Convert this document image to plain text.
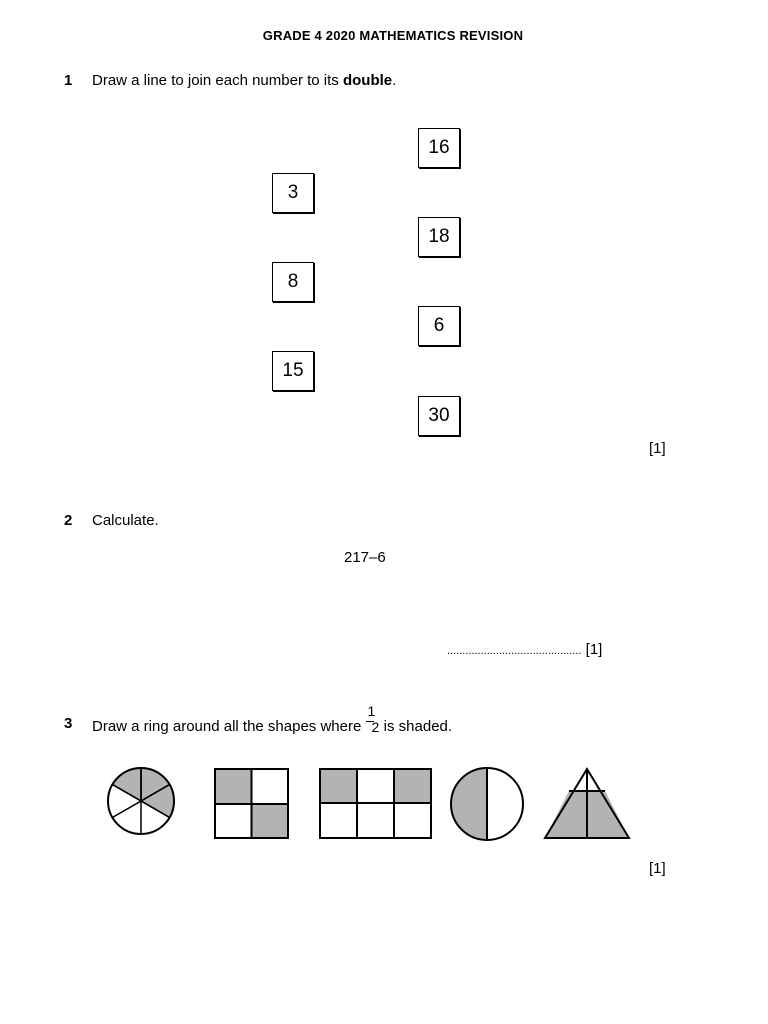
GRADE 4 2020 MATHEMATICS REVISION
1 Draw a line to join each number to its double.
16
3
18
8
6
15
30
[1]
2 Calculate.
217–6
............................................ [1]
3 Draw a ring around all the shapes where
1
2 is shaded.
[1]
